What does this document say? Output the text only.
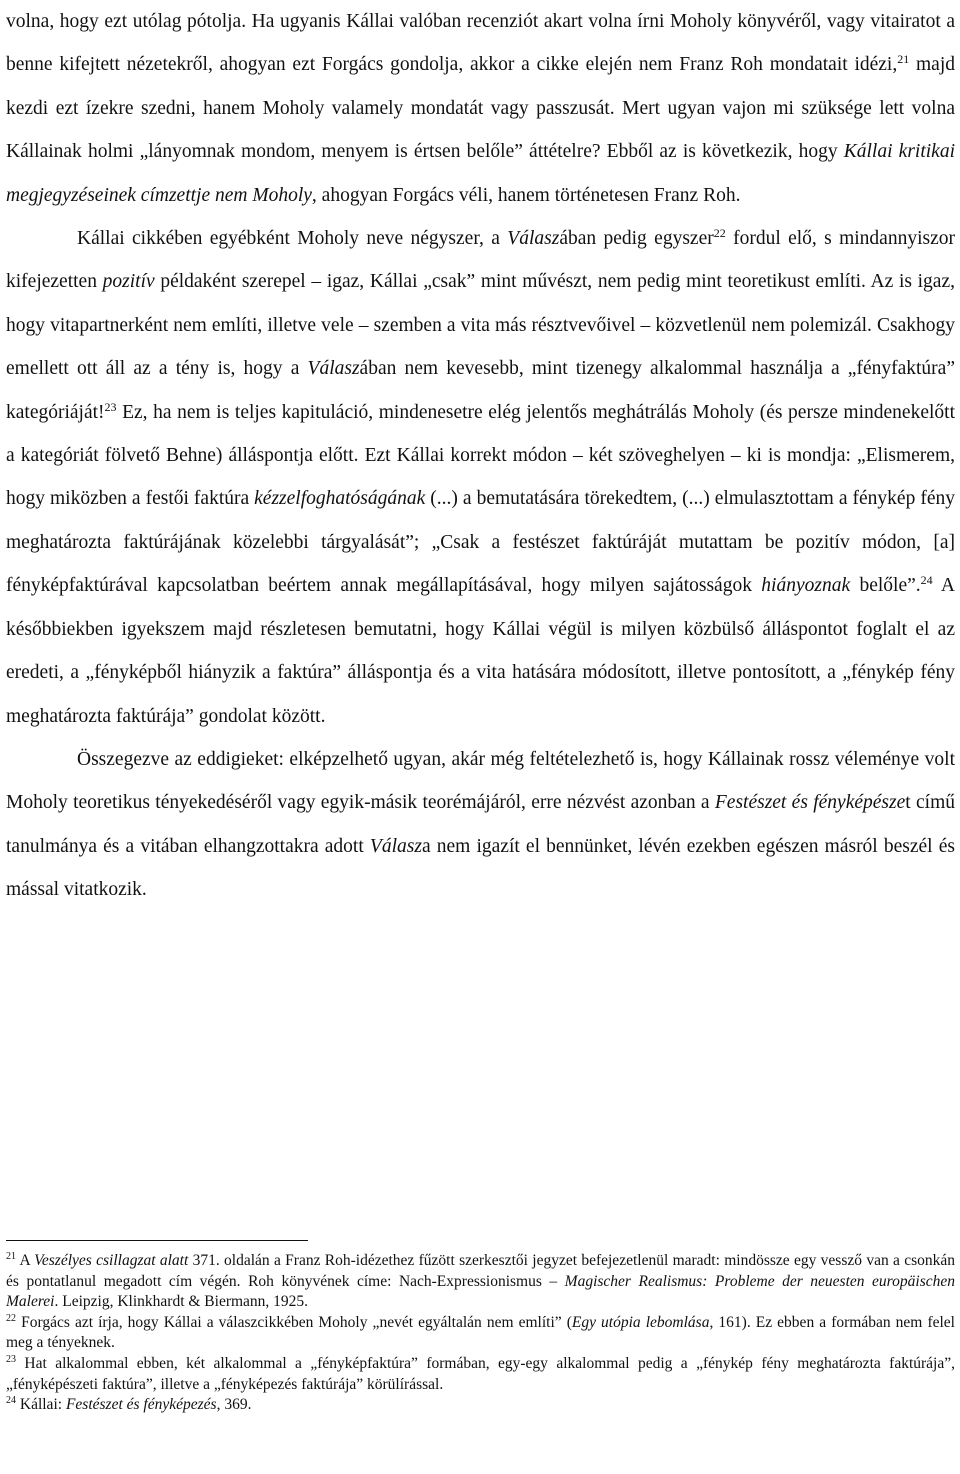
volna, hogy ezt utólag pótolja. Ha ugyanis Kállai valóban recenziót akart volna írni Moholy könyvéről, vagy vitairatot a benne kifejtett nézetekről, ahogyan ezt Forgács gondolja, akkor a cikke elején nem Franz Roh mondatait idézi,$^{21}$ majd kezdi ezt ízekre szedni, hanem Moholy valamely mondatát vagy passzusát. Mert ugyan vajon mi szüksége lett volna Kállainak holmi „lányomnak mondom, menyem is értsen belőle” áttételre? Ebből az is következik, hogy Kállai kritikai megjegyzéseinek címzettje nem Moholy, ahogyan Forgács véli, hanem történetesen Franz Roh.

Kállai cikkében egyébként Moholy neve négyszer, a Válaszában pedig egyszer$^{22}$ fordul elő, s mindannyiszor kifejezetten pozitív példaként szerepel – igaz, Kállai „csak” mint művészt, nem pedig mint teoretikust említi. Az is igaz, hogy vitapartnerként nem említi, illetve vele – szemben a vita más résztvevőivel – közvetlenül nem polemizál. Csakhogy emellett ott áll az a tény is, hogy a Válaszában nem kevesebb, mint tizenegy alkalommal használja a „fényfaktúra” kategóriáját!$^{23}$ Ez, ha nem is teljes kapituláció, mindenesetre elég jelentős meghátrálás Moholy (és persze mindenekelőtt a kategóriát fölvető Behne) álláspontja előtt. Ezt Kállai korrekt módon – két szöveghelyen – ki is mondja: „Elismerem, hogy miközben a festői faktúra kézzelfoghatóságának (...) a bemutatására törekedtem, (...) elmulasztottam a fénykép fény meghatározta faktúrájának közelebbi tárgyalását”; „Csak a festészet faktúráját mutattam be pozitív módon, [a] fényképfaktúrával kapcsolatban beértem annak megállapításával, hogy milyen sajátosságok hiányoznak belőle”.$^{24}$ A későbbiekben igyekszem majd részletesen bemutatni, hogy Kállai végül is milyen közbülső álláspontot foglalt el az eredeti, a „fényképből hiányzik a faktúra” álláspontja és a vita hatására módosított, illetve pontosított, a „fénykép fény meghatározta faktúrája” gondolat között.

Összegezve az eddigieket: elképzelhető ugyan, akár még feltételezhető is, hogy Kállainak rossz véleménye volt Moholy teoretikus tényekedéséről vagy egyik-másik teorémájáról, erre nézvést azonban a Festészet és fényképészet című tanulmánya és a vitában elhangzottakra adott Válasza nem igazít el bennünket, lévén ezekben egészen másról beszél és mással vitatkozik.

$^{21}$ A Veszélyes csillagzat alatt 371. oldalán a Franz Roh-idézethez fűzött szerkesztői jegyzet befejezetlenül maradt: mindössze egy vessző van a csonkán és pontatlanul megadott cím végén. Roh könyvének címe: Nach-Expressionismus – Magischer Realismus: Probleme der neuesten europäischen Malerei. Leipzig, Klinkhardt & Biermann, 1925.

$^{22}$ Forgács azt írja, hogy Kállai a válaszcikkében Moholy „nevét egyáltalán nem említi” (Egy utópia lebomlása, 161). Ez ebben a formában nem felel meg a tényeknek.

$^{23}$ Hat alkalommal ebben, két alkalommal a „fényképfaktúra” formában, egy-egy alkalommal pedig a „fénykép fény meghatározta faktúrája”, „fényképészeti faktúra”, illetve a „fényképezés faktúrája” körülírással.

$^{24}$ Kállai: Festészet és fényképezés, 369.
